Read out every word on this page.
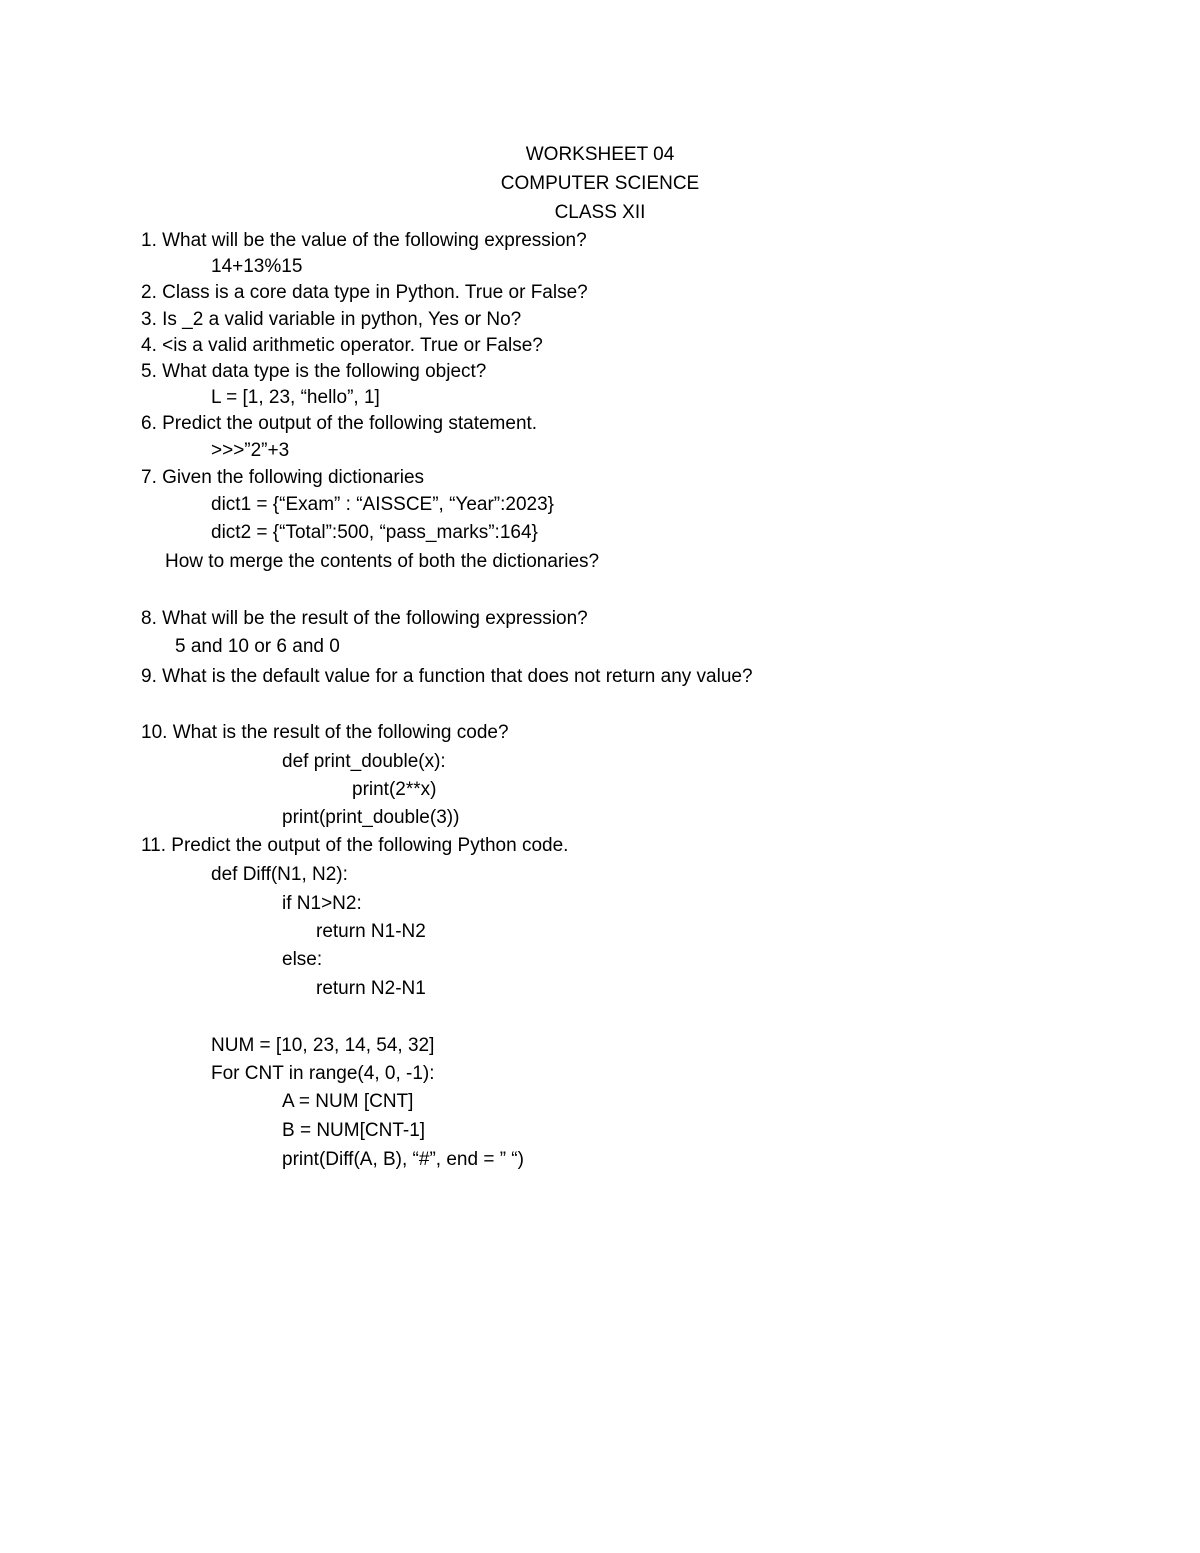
WORKSHEET 04
COMPUTER SCIENCE
CLASS XII
1. What will be the value of the following expression?
14+13%15
2. Class is a core data type in Python. True or False?
3. Is _2 a valid variable in python, Yes or No?
4. <is a valid arithmetic operator. True or False?
5. What data type is the following object?
L = [1, 23, “hello”, 1]
6. Predict the output of the following statement.
>>>”2”+3
7. Given the following dictionaries
dict1 = {“Exam” : “AISSCE”, “Year”:2023}
dict2 = {“Total”:500, “pass_marks”:164}
How to merge the contents of both the dictionaries?
8. What will be the result of the following expression?
5 and 10 or 6 and 0
9. What is the default value for a function that does not return any value?
10. What is the result of the following code?
def print_double(x):
print(2**x)
print(print_double(3))
11. Predict the output of the following Python code.
def Diff(N1, N2):
if N1>N2:
return N1-N2
else:
return N2-N1
NUM = [10, 23, 14, 54, 32]
For CNT in range(4, 0, -1):
A = NUM [CNT]
B = NUM[CNT-1]
print(Diff(A, B), “#”, end = ” “)
